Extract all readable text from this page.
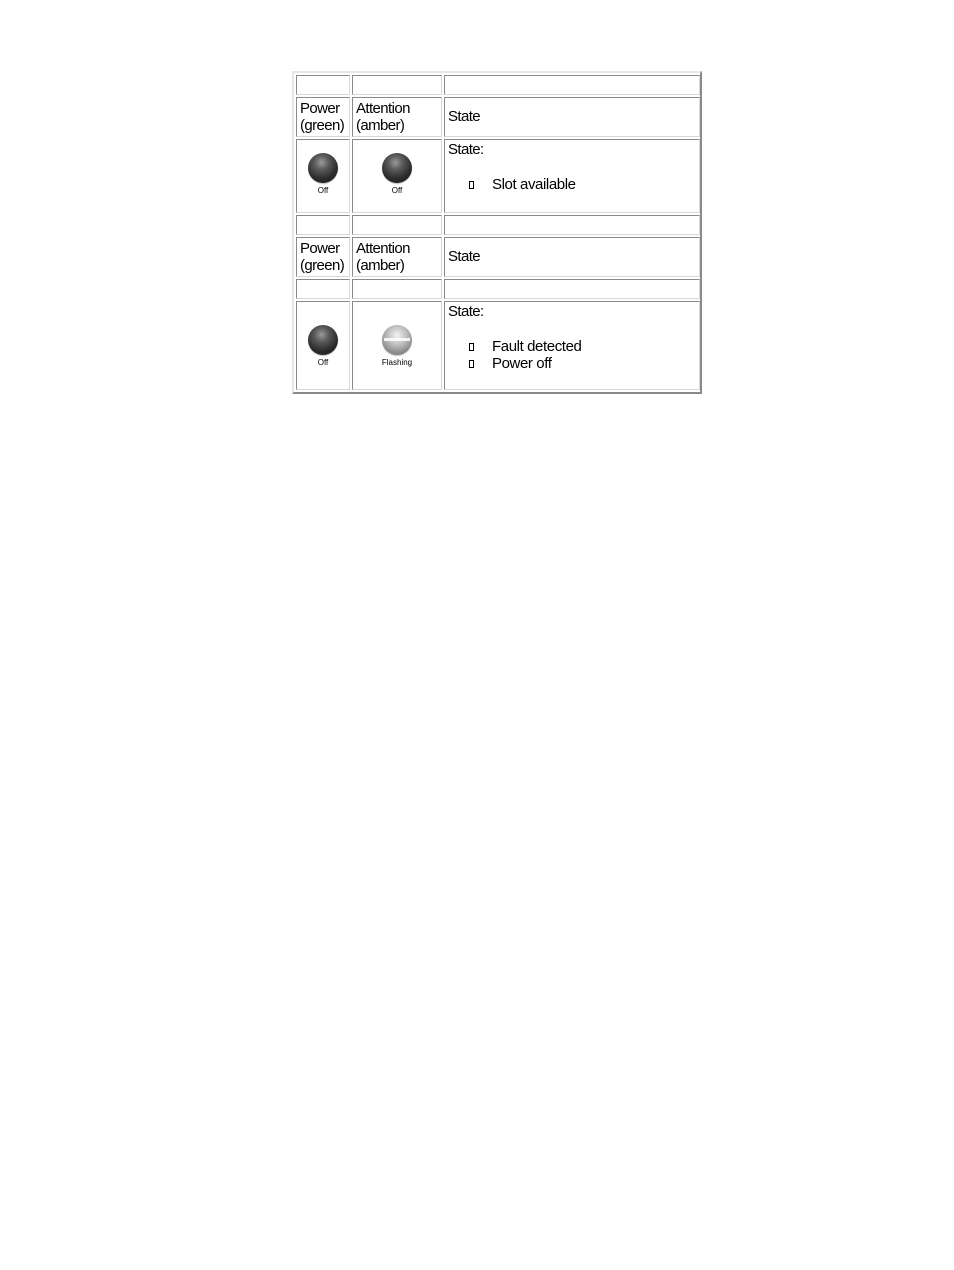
Power
(green)
Attention
(amber)
State
Off	Off
State:
Slot available
Power
(green)
Attention
(amber)
State
Off	Flashing
State:
Fault detected
Power off
